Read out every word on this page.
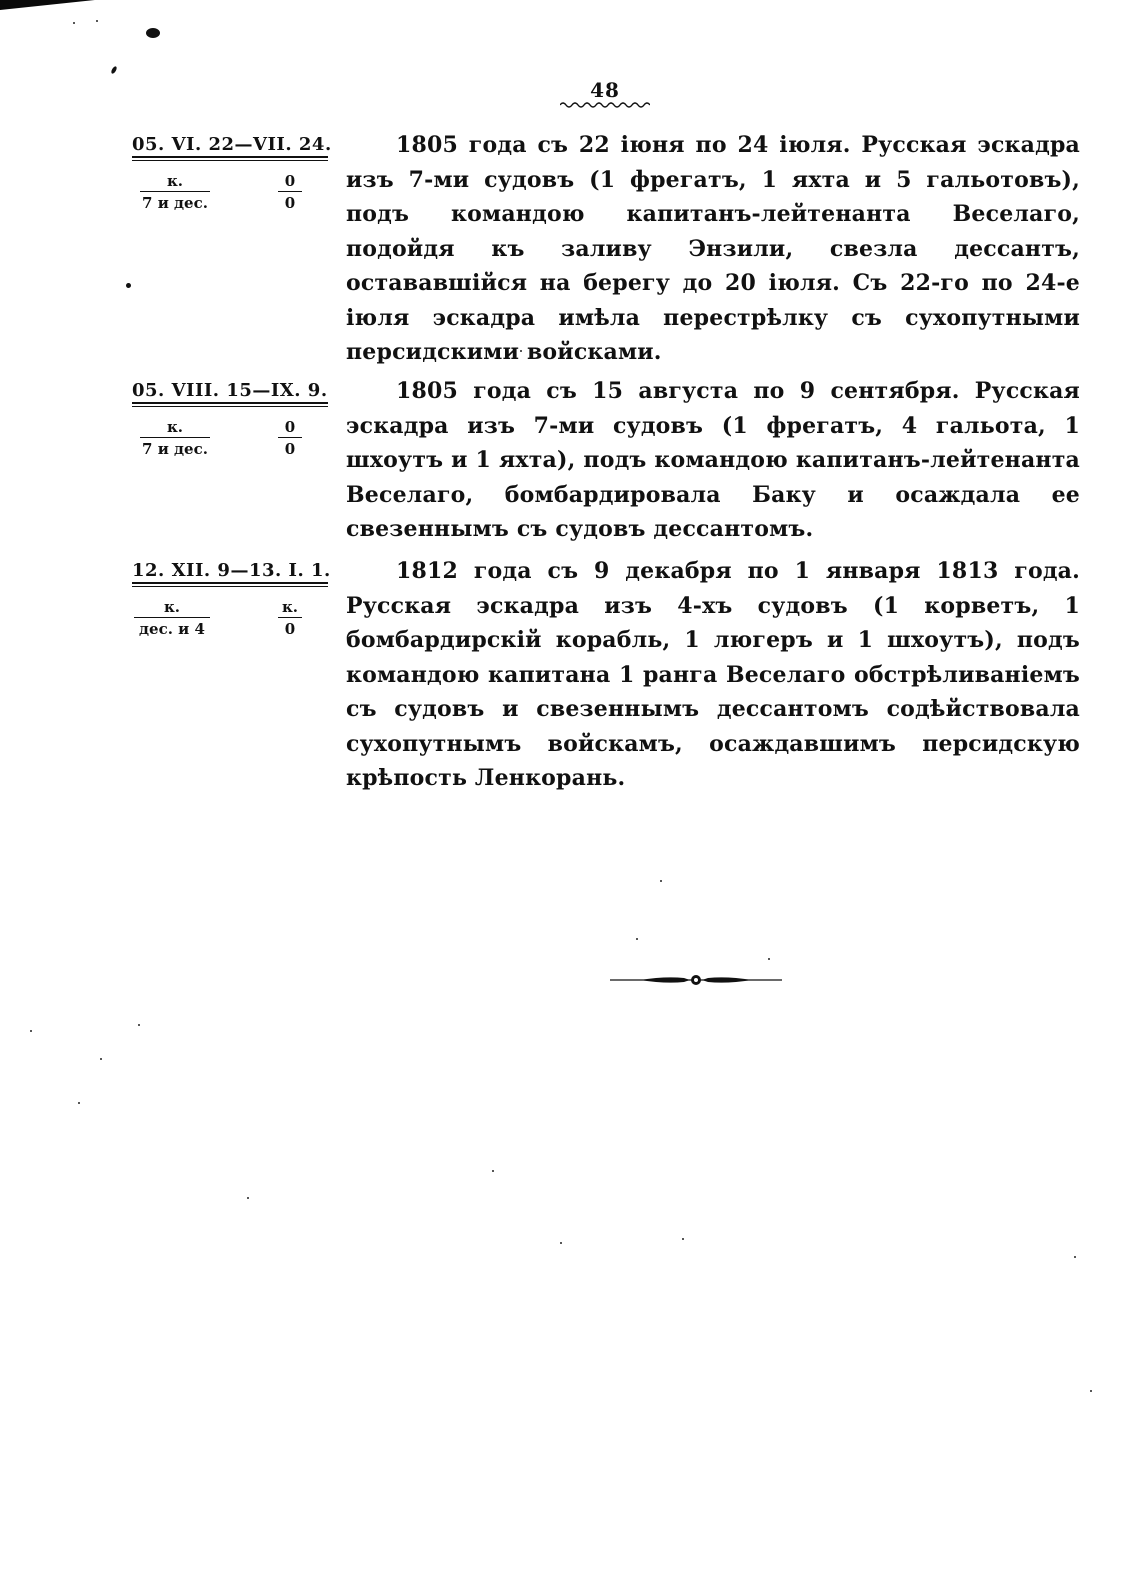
48
05. VI. 22—VII. 24.
к.
7 и дес.
0
0
1805 года съ 22 іюня по 24 іюля. Русская эскадра изъ 7-ми судовъ (1 фрегатъ, 1 яхта и 5 гальотовъ), подъ командою капитанъ-лейтенанта Веселаго, подойдя къ заливу Энзили, свезла дессантъ, остававшійся на берегу до 20 іюля. Съ 22-го по 24-е іюля эскадра имѣла перестрѣлку съ сухопутными персидскими войсками.
05. VIII. 15—IX. 9.
к.
7 и дес.
0
0
1805 года съ 15 августа по 9 сентября. Русская эскадра изъ 7-ми судовъ (1 фрегатъ, 4 гальота, 1 шхоутъ и 1 яхта), подъ командою капитанъ-лейтенанта Веселаго, бомбардировала Баку и осаждала ее свезеннымъ съ судовъ дессантомъ.
12. XII. 9—13. I. 1.
к.
дес. и 4
к.
0
1812 года съ 9 декабря по 1 января 1813 года. Русская эскадра изъ 4-хъ судовъ (1 корветъ, 1 бомбардирскій корабль, 1 люгеръ и 1 шхоутъ), подъ командою капитана 1 ранга Веселаго обстрѣливаніемъ съ судовъ и свезеннымъ дессантомъ содѣйствовала сухопутнымъ войскамъ, осаждавшимъ персидскую крѣпость Ленкорань.
